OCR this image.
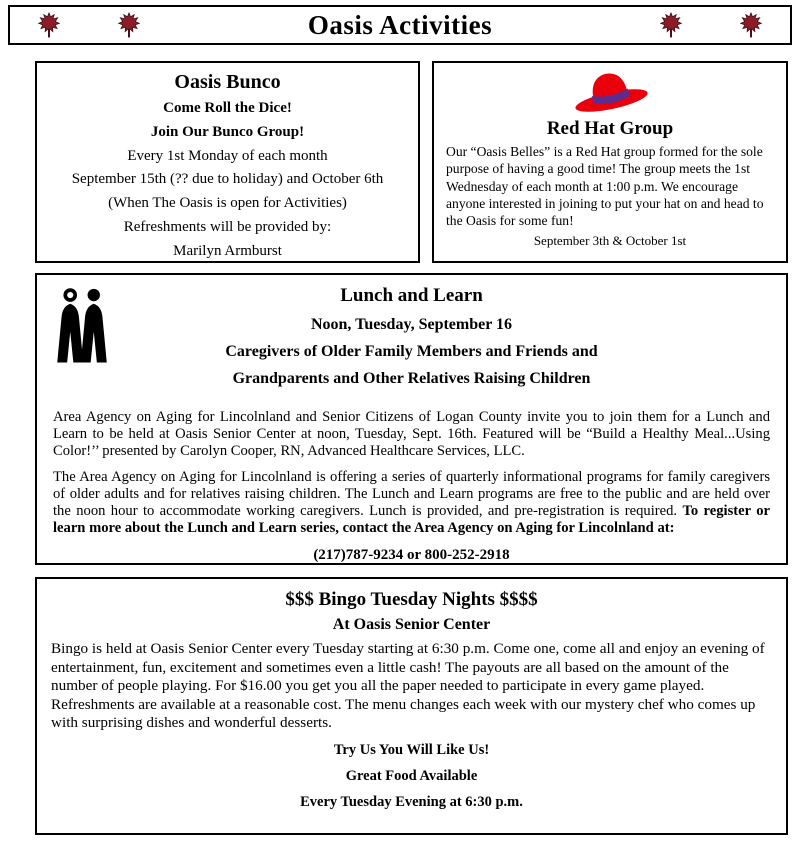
Oasis Activities
Oasis Bunco
Come Roll the Dice!
Join Our Bunco Group!
Every 1st Monday of each month
September 15th (?? due to holiday) and October 6th
(When The Oasis is open for Activities)
Refreshments will be provided by:
Marilyn Armburst
Red Hat Group
Our “Oasis Belles” is a Red Hat group formed for the sole purpose of having a good time! The group meets the 1st Wednesday of each month at 1:00 p.m. We encourage anyone interested in joining to put your hat on and head to the Oasis for some fun!
September 3th & October 1st
Lunch and Learn
Noon, Tuesday, September 16
Caregivers of Older Family Members and Friends and
Grandparents and Other Relatives Raising Children
Area Agency on Aging for Lincolnland and Senior Citizens of Logan County invite you to join them for a Lunch and Learn to be held at Oasis Senior Center at noon, Tuesday, Sept. 16th. Featured will be “Build a Healthy Meal...Using Color!’’ presented by Carolyn Cooper, RN, Advanced Healthcare Services, LLC.
The Area Agency on Aging for Lincolnland is offering a series of quarterly informational programs for family caregivers of older adults and for relatives raising children. The Lunch and Learn programs are free to the public and are held over the noon hour to accommodate working caregivers. Lunch is provided, and pre-registration is required. To register or learn more about the Lunch and Learn series, contact the Area Agency on Aging for Lincolnland at:
(217)787-9234 or 800-252-2918
$$$ Bingo Tuesday Nights $$$$
At Oasis Senior Center
Bingo is held at Oasis Senior Center every Tuesday starting at 6:30 p.m. Come one, come all and enjoy an evening of entertainment, fun, excitement and sometimes even a little cash! The payouts are all based on the amount of the number of people playing. For $16.00 you get you all the paper needed to participate in every game played. Refreshments are available at a reasonable cost. The menu changes each week with our mystery chef who comes up with surprising dishes and wonderful desserts.
Try Us You Will Like Us!
Great Food Available
Every Tuesday Evening at 6:30 p.m.
